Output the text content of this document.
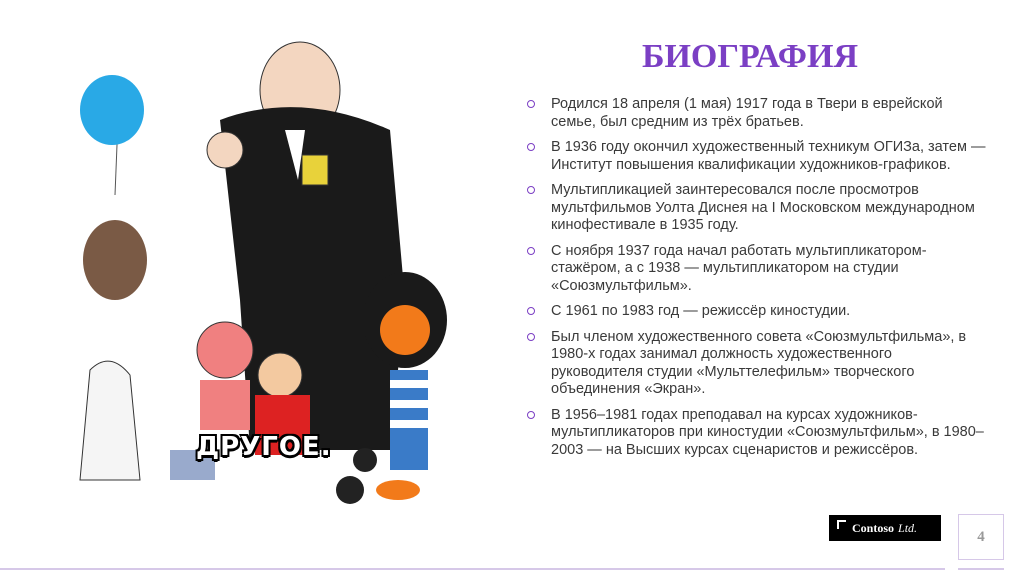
ДРУГОЕ.
БИОГРАФИЯ
Родился 18 апреля (1 мая) 1917 года в Твери в еврейской семье, был средним из трёх братьев.
В 1936 году окончил художественный техникум ОГИЗа, затем — Институт повышения квалификации художников-графиков.
Мультипликацией заинтересовался после просмотров мультфильмов Уолта Диснея на I Московском международном кинофестивале в 1935 году.
С ноября 1937 года начал работать мультипликатором-стажёром, а с 1938 — мультипликатором на студии «Союзмультфильм».
С 1961 по 1983 год — режиссёр киностудии.
Был членом художественного совета «Союзмультфильма», в 1980-х годах занимал должность художественного руководителя студии «Мульттелефильм» творческого объединения «Экран».
В 1956–1981 годах преподавал на курсах художников-мультипликаторов при киностудии «Союзмультфильм», в 1980–2003 — на Высших курсах сценаристов и режиссёров.
Contoso Ltd.
4
